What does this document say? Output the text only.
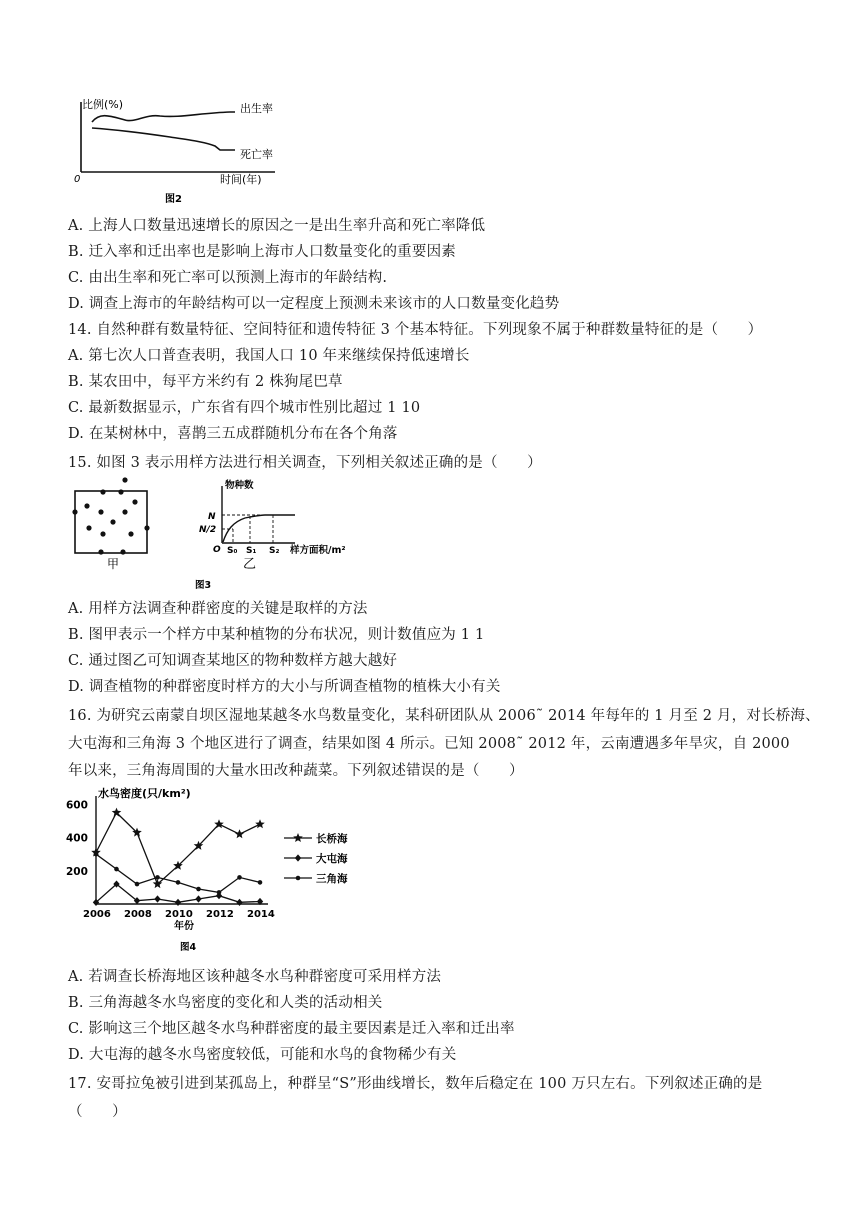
比例(%)
0	时间(年)
出生率
死亡率
图2
A. 上海人口数量迅速增长的原因之一是出生率升高和死亡率降低
B. 迁入率和迁出率也是影响上海市人口数量变化的重要因素
C. 由出生率和死亡率可以预测上海市的年龄结构.
D. 调查上海市的年龄结构可以一定程度上预测未来该市的人口数量变化趋势
14. 自然种群有数量特征、空间特征和遗传特征 3 个基本特征。下列现象不属于种群数量特征的是（　　）
A. 第七次人口普查表明，我国人口 10 年来继续保持低速增长
B. 某农田中，每平方米约有 2 株狗尾巴草
C. 最新数据显示，广东省有四个城市性别比超过 1 10
D. 在某树林中，喜鹊三五成群随机分布在各个角落
15. 如图 3 表示用样方法进行相关调查，下列相关叙述正确的是（　　）
甲
物种数
N
N/2
O S₀ S₁ S₂ 样方面积/m²
乙
图3
A. 用样方法调查种群密度的关键是取样的方法
B. 图甲表示一个样方中某种植物的分布状况，则计数值应为 1 1
C. 通过图乙可知调查某地区的物种数样方越大越好
D. 调查植物的种群密度时样方的大小与所调查植物的植株大小有关
16. 为研究云南蒙自坝区湿地某越冬水鸟数量变化，某科研团队从 2006˜ 2014 年每年的 1 月至 2 月，对长桥海、
大屯海和三角海 3 个地区进行了调查，结果如图 4 所示。已知 2008˜ 2012 年，云南遭遇多年旱灾，自 2000
年以来，三角海周围的大量水田改种蔬菜。下列叙述错误的是（　　）
水鸟密度(只/km²)
年份
图4
200
400
600
2006 2008 2010 2012 2014
长桥海
大屯海
三角海
A. 若调查长桥海地区该种越冬水鸟种群密度可采用样方法
B. 三角海越冬水鸟密度的变化和人类的活动相关
C. 影响这三个地区越冬水鸟种群密度的最主要因素是迁入率和迁出率
D. 大屯海的越冬水鸟密度较低，可能和水鸟的食物稀少有关
17. 安哥拉兔被引进到某孤岛上，种群呈“S”形曲线增长，数年后稳定在 100 万只左右。下列叙述正确的是
（　　）
